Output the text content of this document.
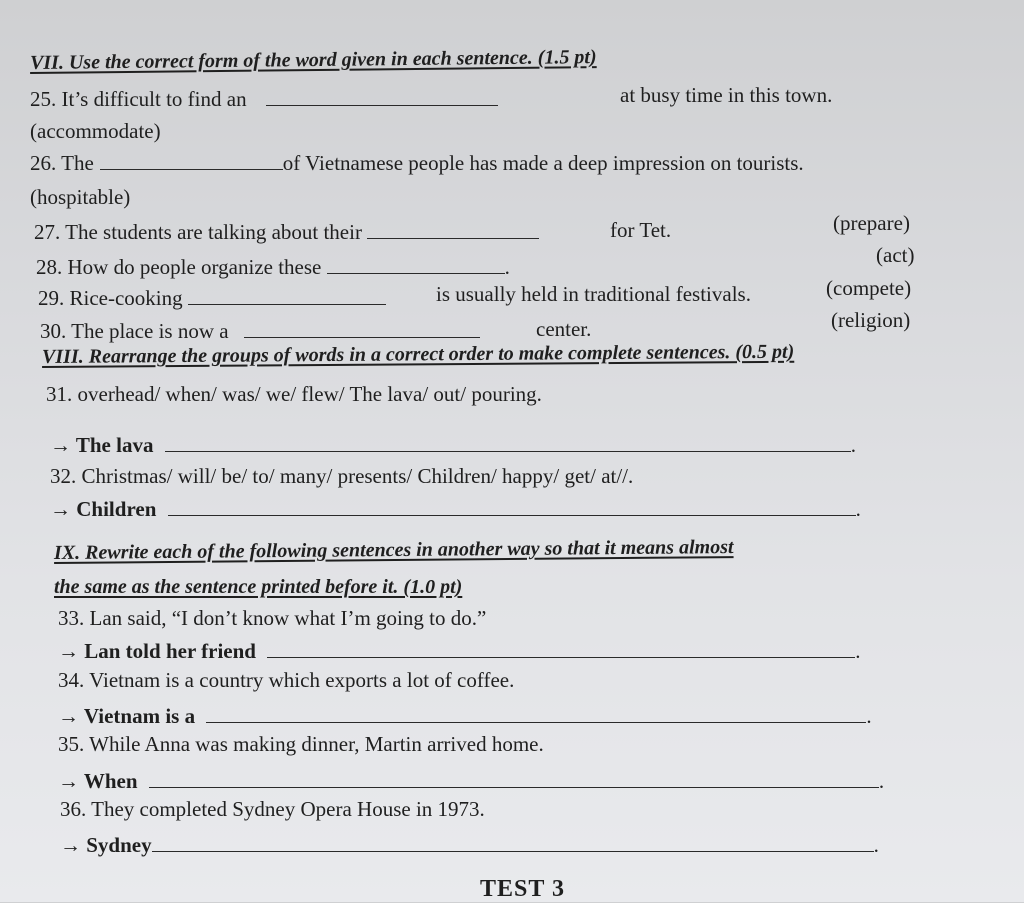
VII. Use the correct form of the word given in each sentence. (1.5 pt)
25. It’s difficult to find an	at busy time in this town.
(accommodate)
26. The	of Vietnamese people has made a deep impression on tourists.
(hospitable)
27. The students are talking about their	for Tet.	(prepare)
28. How do people organize these	.	(act)
29. Rice-cooking	is usually held in traditional festivals.	(compete)
30. The place is now a	center.	(religion)
VIII. Rearrange the groups of words in a correct order to make complete sentences. (0.5 pt)
31. overhead/ when/ was/ we/ flew/ The lava/ out/ pouring.
→ The lava	.
32. Christmas/ will/ be/ to/ many/ presents/ Children/ happy/ get/ at//.
→ Children	.
IX. Rewrite each of the following sentences in another way so that it means almost
the same as the sentence printed before it. (1.0 pt)
33. Lan said, “I don’t know what I’m going to do.”
→ Lan told her friend	.
34. Vietnam is a country which exports a lot of coffee.
→ Vietnam is a	.
35. While Anna was making dinner, Martin arrived home.
→ When	.
36. They completed Sydney Opera House in 1973.
→ Sydney	.
TEST 3
